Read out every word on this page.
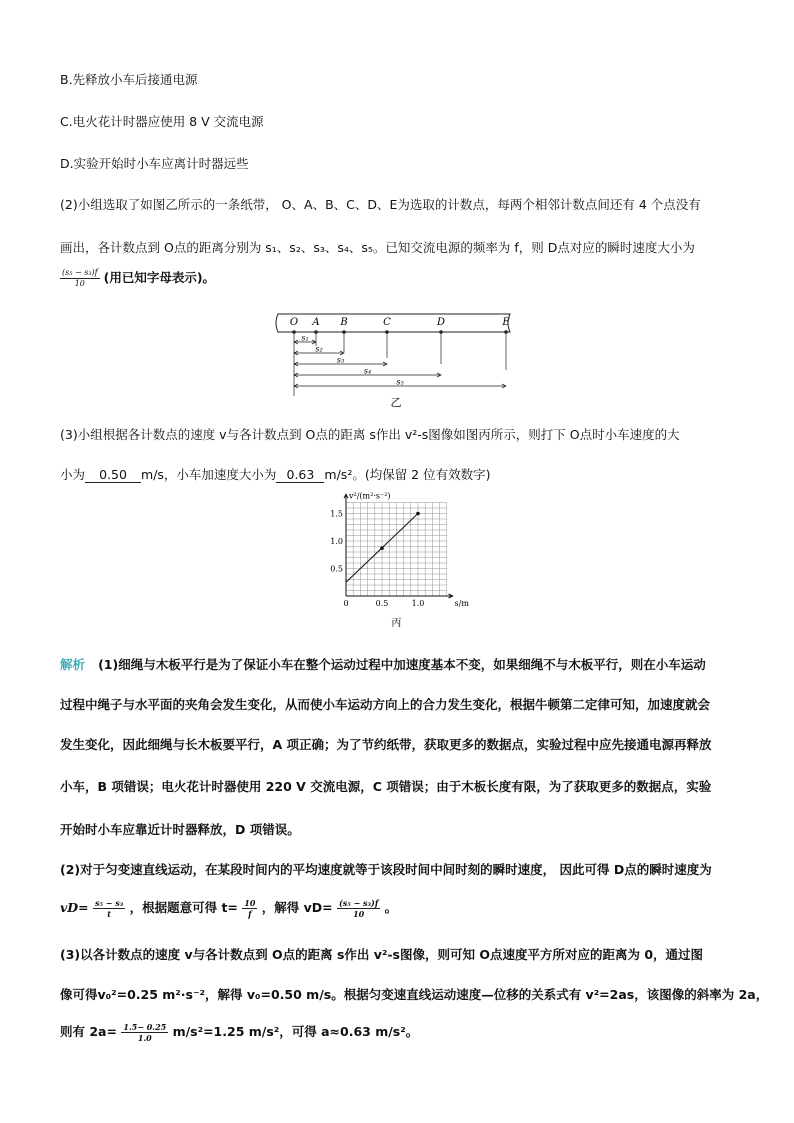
B.先释放小车后接通电源
C.电火花计时器应使用 8 V 交流电源
D.实验开始时小车应离计时器远些
(2)小组选取了如图乙所示的一条纸带， O、A、B、C、D、E为选取的计数点，每两个相邻计数点间还有 4 个点没有
画出，各计数点到 O点的距离分别为 s₁、s₂、s₃、s₄、s₅。已知交流电源的频率为 f，则 D点对应的瞬时速度大小为
$\frac{\text{(s₅ − s₃)f}}{10}$ (用已知字母表示)。
O A B	C	D	E
s₁
s₂
s₃
s₄
s₅
乙
(3)小组根据各计数点的速度 v与各计数点到 O点的距离 s作出 v²-s图像如图丙所示，则打下 O点时小车速度的大
小为 0.50 m/s，小车加速度大小为 0.63 m/s²。(均保留 2 位有效数字)
v²/(m²·s⁻²)
s/m
0	0.5	1.0
0.5
1.0
1.5
丙
解析 (1)细绳与木板平行是为了保证小车在整个运动过程中加速度基本不变，如果细绳不与木板平行，则在小车运动
过程中绳子与水平面的夹角会发生变化，从而使小车运动方向上的合力发生变化，根据牛顿第二定律可知，加速度就会
发生变化，因此细绳与长木板要平行，A 项正确；为了节约纸带，获取更多的数据点，实验过程中应先接通电源再释放
小车，B 项错误；电火花计时器使用 220 V 交流电源，C 项错误；由于木板长度有限，为了获取更多的数据点，实验
开始时小车应靠近计时器释放，D 项错误。
(2)对于匀变速直线运动，在某段时间内的平均速度就等于该段时间中间时刻的瞬时速度， 因此可得 D点的瞬时速度为
$vD= \frac{\text{s₅ − s₃}}{t}$ ，根据题意可得 $t= \frac{10}{f}$ ，解得 $vD= \frac{\text{(s₅ − s₃)f}}{10}$ 。
(3)以各计数点的速度 v与各计数点到 O点的距离 s作出 v²-s图像，则可知 O点速度平方所对应的距离为 0，通过图
像可得v₀²=0.25 m²·s⁻²，解得 v₀=0.50 m/s。根据匀变速直线运动速度—位移的关系式有 v²=2as，该图像的斜率为 2a，
则有 $2a= \frac{1.5- 0.25}{1.0} m/s^2=1.25$ m/s²，可得 a≈0.63 m/s²。
